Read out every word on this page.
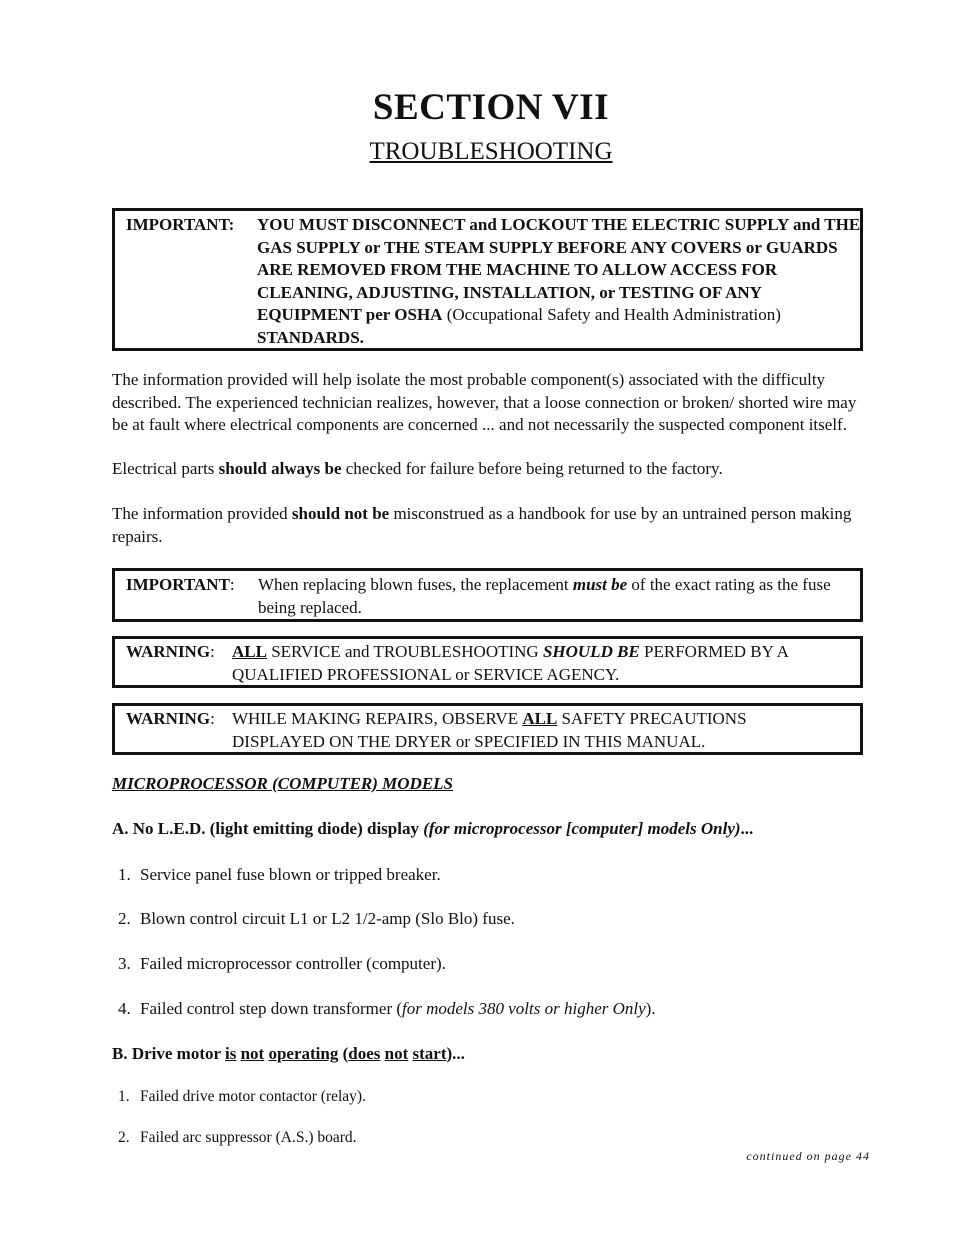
SECTION VII
TROUBLESHOOTING
IMPORTANT: YOU MUST DISCONNECT and LOCKOUT THE ELECTRIC SUPPLY and THE GAS SUPPLY or THE STEAM SUPPLY BEFORE ANY COVERS or GUARDS ARE REMOVED FROM THE MACHINE TO ALLOW ACCESS FOR CLEANING, ADJUSTING, INSTALLATION, or TESTING OF ANY EQUIPMENT per OSHA (Occupational Safety and Health Administration)
STANDARDS.
The information provided will help isolate the most probable component(s) associated with the difficulty described. The experienced technician realizes, however, that a loose connection or broken/ shorted wire may be at fault where electrical components are concerned ... and not necessarily the suspected component itself.
Electrical parts should always be checked for failure before being returned to the factory.
The information provided should not be misconstrued as a handbook for use by an untrained person making repairs.
IMPORTANT: When replacing blown fuses, the replacement must be of the exact rating as the fuse being replaced.
WARNING: ALL SERVICE and TROUBLESHOOTING SHOULD BE PERFORMED BY A QUALIFIED PROFESSIONAL or SERVICE AGENCY.
WARNING: WHILE MAKING REPAIRS, OBSERVE ALL SAFETY PRECAUTIONS DISPLAYED ON THE DRYER or SPECIFIED IN THIS MANUAL.
MICROPROCESSOR (COMPUTER) MODELS
A. No L.E.D. (light emitting diode) display (for microprocessor [computer] models Only)...
1. Service panel fuse blown or tripped breaker.
2. Blown control circuit L1 or L2 1/2-amp (Slo Blo) fuse.
3. Failed microprocessor controller (computer).
4. Failed control step down transformer (for models 380 volts or higher Only).
B. Drive motor is not operating (does not start)...
1. Failed drive motor contactor (relay).
2. Failed arc suppressor (A.S.) board.
continued on page 44
